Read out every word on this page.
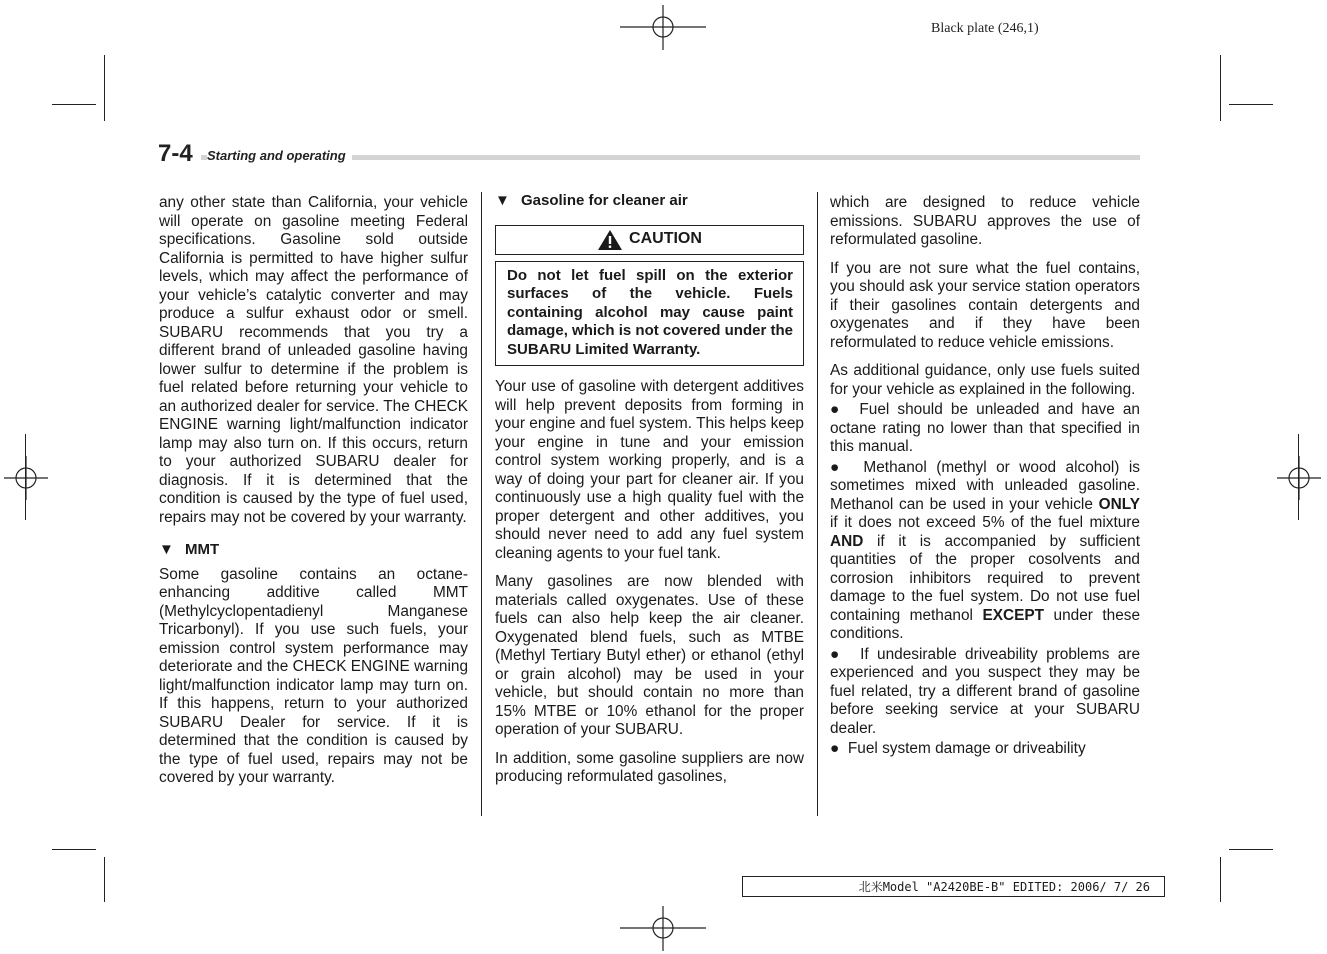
Black plate (246,1)
7-4	Starting and operating

any other state than California, your vehicle will operate on gasoline meeting Federal specifications. Gasoline sold outside California is permitted to have higher sulfur levels, which may affect the performance of your vehicle’s catalytic converter and may produce a sulfur exhaust odor or smell. SUBARU recommends that you try a different brand of unleaded gasoline having lower sulfur to determine if the problem is fuel related before returning your vehicle to an authorized dealer for service. The CHECK ENGINE warning light/malfunction indicator lamp may also turn on. If this occurs, return to your authorized SUBARU dealer for diagnosis. If it is determined that the condition is caused by the type of fuel used, repairs may not be covered by your warranty.

▼ MMT

Some gasoline contains an octane-enhancing additive called MMT (Methylcyclopentadienyl Manganese Tricarbonyl). If you use such fuels, your emission control system performance may deteriorate and the CHECK ENGINE warning light/malfunction indicator lamp may turn on. If this happens, return to your authorized SUBARU Dealer for service. If it is determined that the condition is caused by the type of fuel used, repairs may not be covered by your warranty.

▼ Gasoline for cleaner air
CAUTION
Do not let fuel spill on the exterior surfaces of the vehicle. Fuels containing alcohol may cause paint damage, which is not covered under the SUBARU Limited Warranty.

Your use of gasoline with detergent additives will help prevent deposits from forming in your engine and fuel system. This helps keep your engine in tune and your emission control system working properly, and is a way of doing your part for cleaner air. If you continuously use a high quality fuel with the proper detergent and other additives, you should never need to add any fuel system cleaning agents to your fuel tank.

Many gasolines are now blended with materials called oxygenates. Use of these fuels can also help keep the air cleaner. Oxygenated blend fuels, such as MTBE (Methyl Tertiary Butyl ether) or ethanol (ethyl or grain alcohol) may be used in your vehicle, but should contain no more than 15% MTBE or 10% ethanol for the proper operation of your SUBARU.

In addition, some gasoline suppliers are now producing reformulated gasolines,

which are designed to reduce vehicle emissions. SUBARU approves the use of reformulated gasoline.

If you are not sure what the fuel contains, you should ask your service station operators if their gasolines contain detergents and oxygenates and if they have been reformulated to reduce vehicle emissions.

As additional guidance, only use fuels suited for your vehicle as explained in the following.

●  Fuel should be unleaded and have an octane rating no lower than that specified in this manual.

●  Methanol (methyl or wood alcohol) is sometimes mixed with unleaded gasoline. Methanol can be used in your vehicle ONLY if it does not exceed 5% of the fuel mixture AND if it is accompanied by sufficient quantities of the proper cosolvents and corrosion inhibitors required to prevent damage to the fuel system. Do not use fuel containing methanol EXCEPT under these conditions.

●  If undesirable driveability problems are experienced and you suspect they may be fuel related, try a different brand of gasoline before seeking service at your SUBARU dealer.

●  Fuel system damage or driveability

北米Model "A2420BE-B" EDITED: 2006/ 7/ 26
